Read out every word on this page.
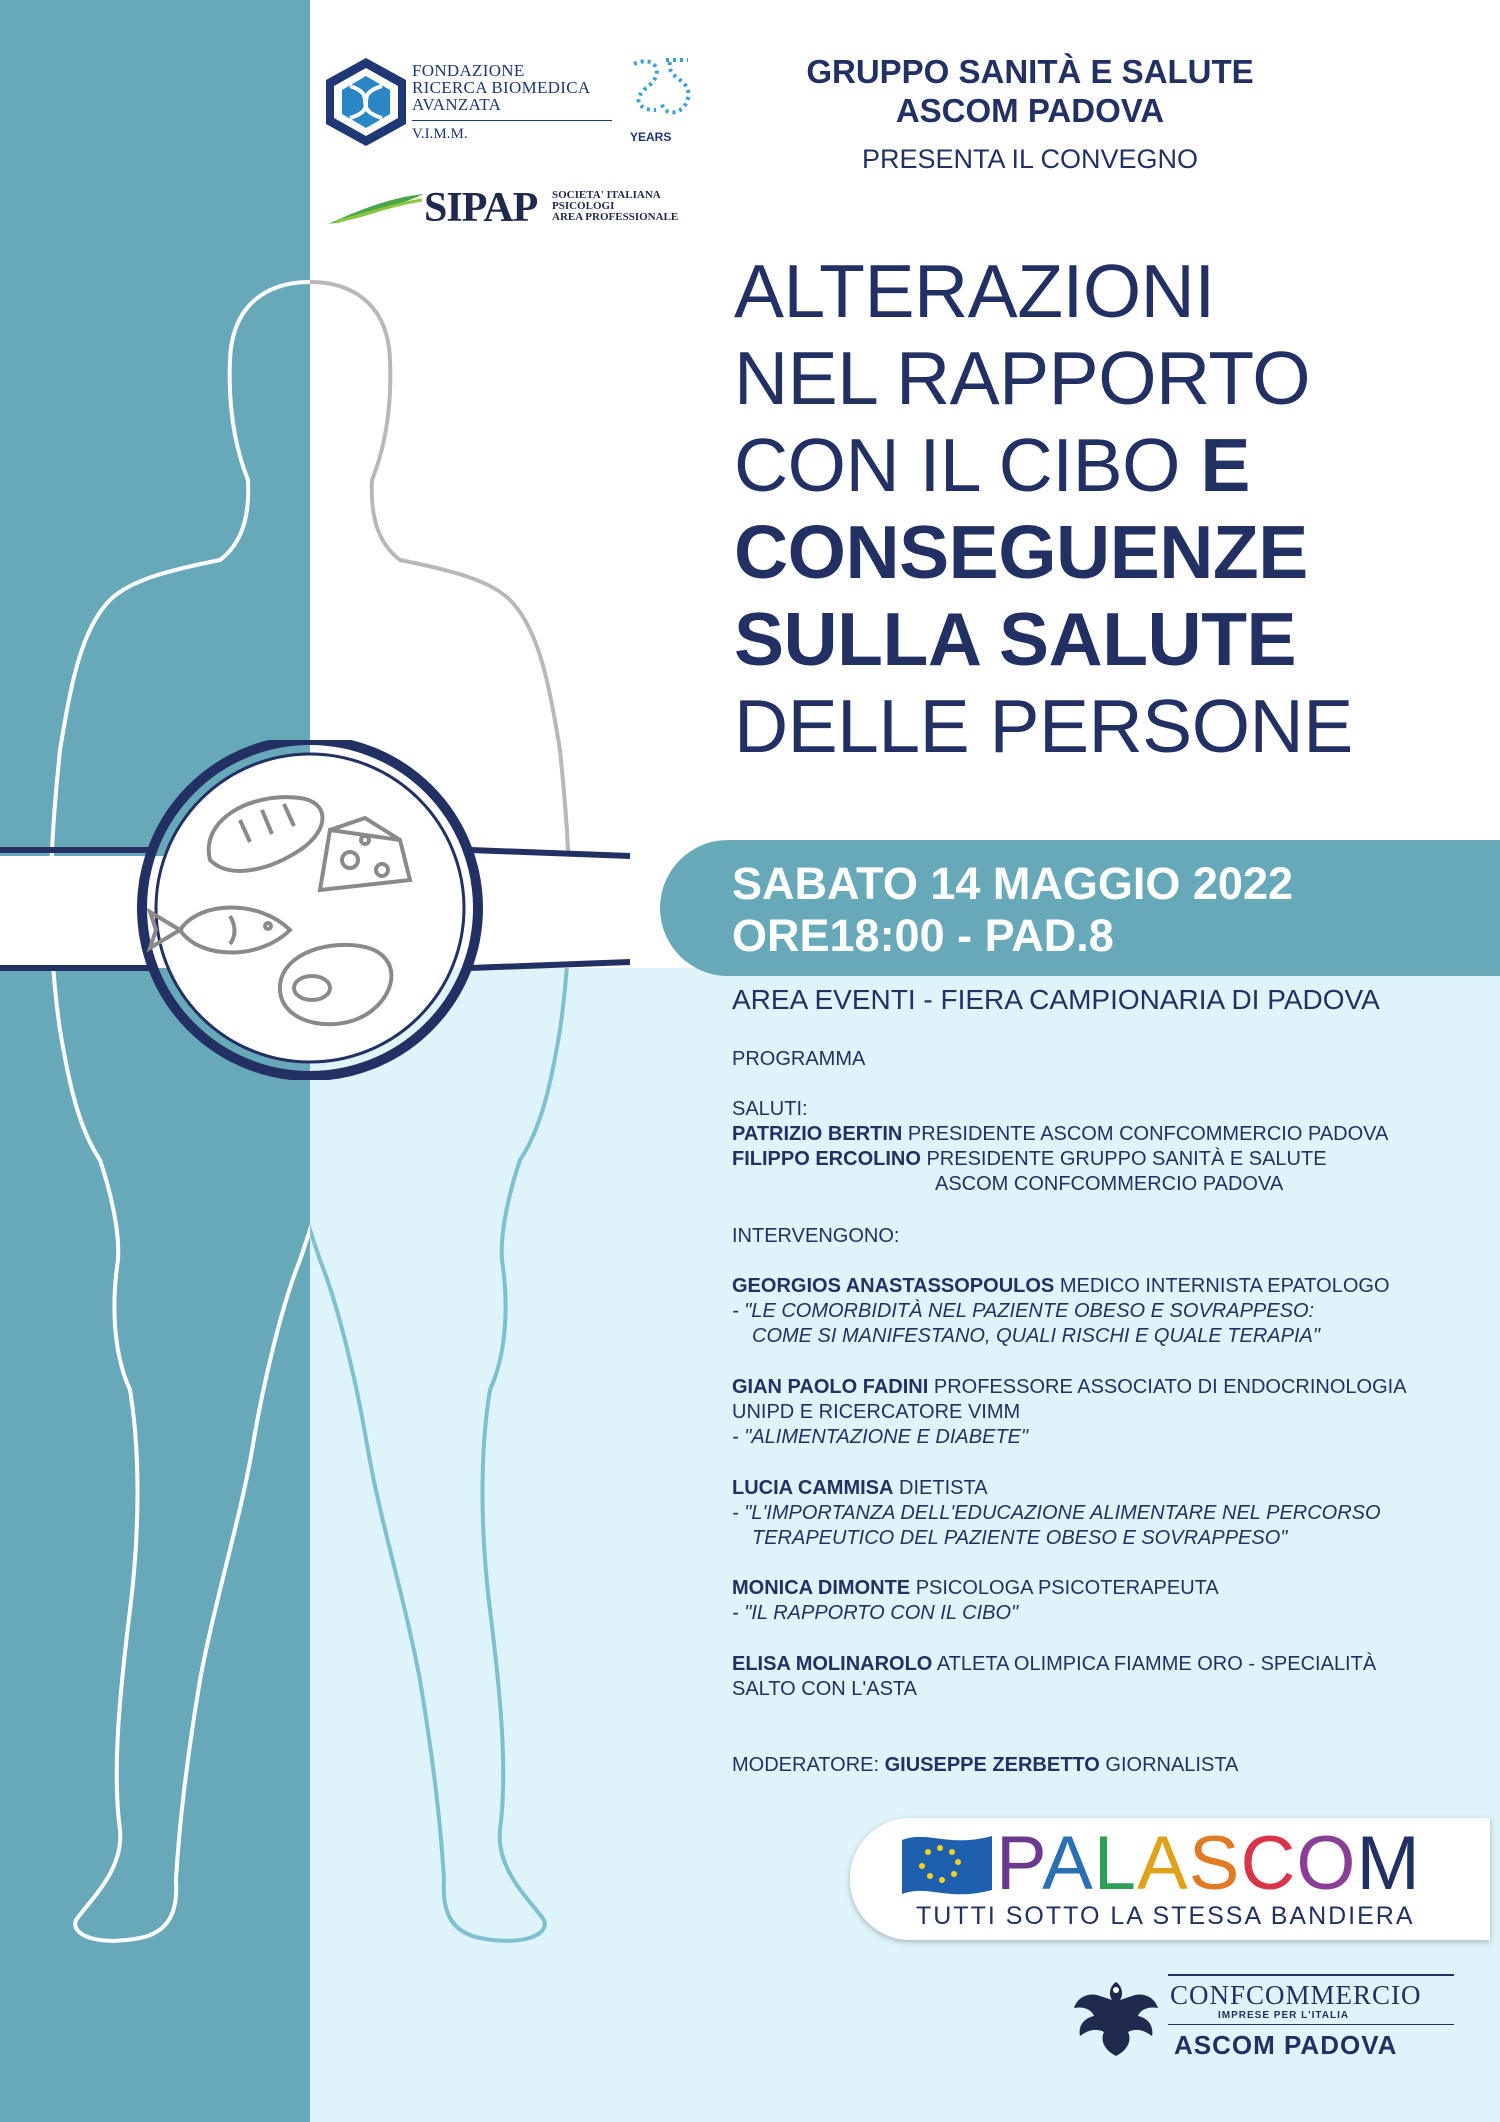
FONDAZIONE
RICERCA BIOMEDICA
AVANZATA
V.I.M.M.	YEARS
SIPAP SOCIETA' ITALIANA
PSICOLOGI
AREA PROFESSIONALE
GRUPPO SANITÀ E SALUTE
ASCOM PADOVA
PRESENTA IL CONVEGNO
ALTERAZIONI
NEL RAPPORTO
CON IL CIBO E
CONSEGUENZE
SULLA SALUTE
DELLE PERSONE
SABATO 14 MAGGIO 2022
ORE18:00 - PAD.8
AREA EVENTI - FIERA CAMPIONARIA DI PADOVA
PROGRAMMA
SALUTI:
PATRIZIO BERTIN PRESIDENTE ASCOM CONFCOMMERCIO PADOVA
FILIPPO ERCOLINO PRESIDENTE GRUPPO SANITÀ E SALUTE
ASCOM CONFCOMMERCIO PADOVA
INTERVENGONO:
GEORGIOS ANASTASSOPOULOS MEDICO INTERNISTA EPATOLOGO
- "LE COMORBIDITÀ NEL PAZIENTE OBESO E SOVRAPPESO:
COME SI MANIFESTANO, QUALI RISCHI E QUALE TERAPIA"
GIAN PAOLO FADINI PROFESSORE ASSOCIATO DI ENDOCRINOLOGIA
UNIPD E RICERCATORE VIMM
- "ALIMENTAZIONE E DIABETE"
LUCIA CAMMISA DIETISTA
- "L'IMPORTANZA DELL'EDUCAZIONE ALIMENTARE NEL PERCORSO
TERAPEUTICO DEL PAZIENTE OBESO E SOVRAPPESO"
MONICA DIMONTE PSICOLOGA PSICOTERAPEUTA
- "IL RAPPORTO CON IL CIBO"
ELISA MOLINAROLO ATLETA OLIMPICA FIAMME ORO - SPECIALITÀ
SALTO CON L'ASTA
MODERATORE: GIUSEPPE ZERBETTO GIORNALISTA
PALASCOM
TUTTI SOTTO LA STESSA BANDIERA
CONFCOMMERCIO
IMPRESE PER L'ITALIA
ASCOM PADOVA
